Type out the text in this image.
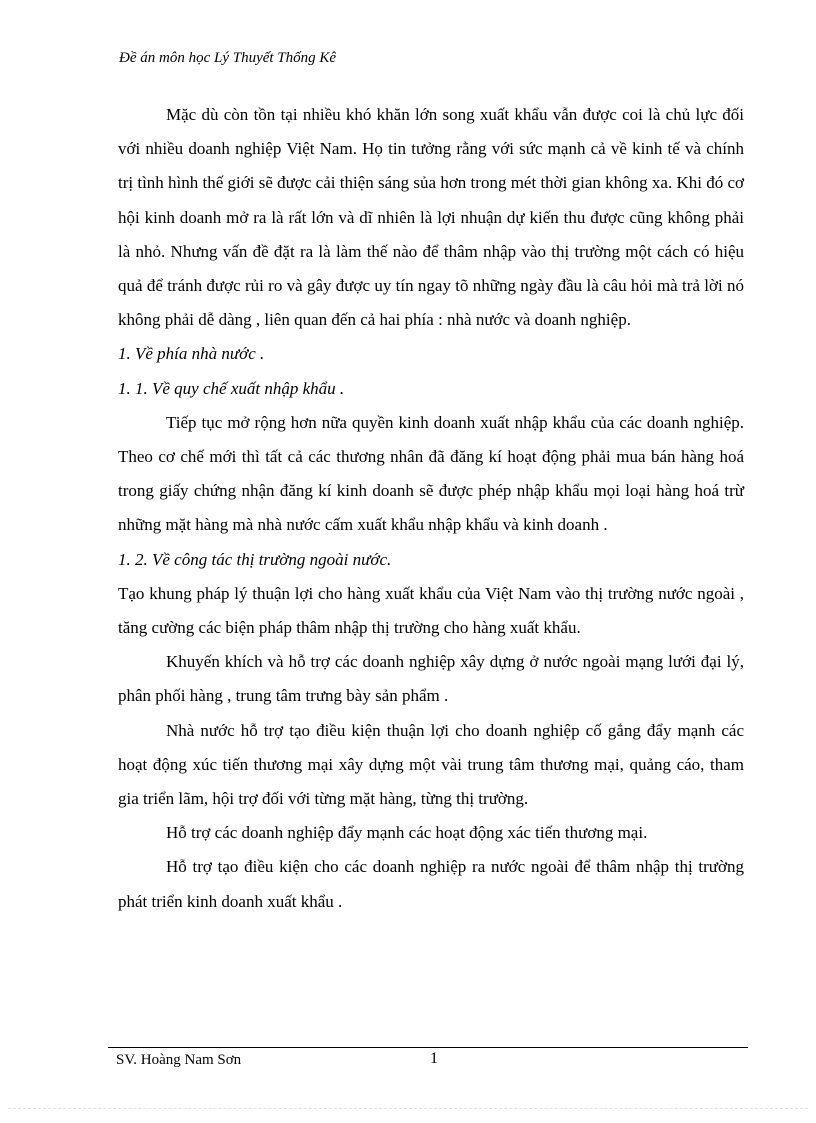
Đề án môn học Lý Thuyết Thống Kê

Mặc dù còn tồn tại nhiều khó khăn lớn song xuất khẩu vẫn được coi là chủ lực đối với nhiều doanh nghiệp Việt Nam. Họ tin tưởng rằng với sức mạnh cả về kinh tế và chính trị tình hình thế giới sẽ được cải thiện sáng sủa hơn trong mét thời gian không xa. Khi đó cơ hội kinh doanh mở ra là rất lớn và dĩ nhiên là lợi nhuận dự kiến thu được cũng không phải là nhỏ. Nhưng vấn đề đặt ra là làm thế nào để thâm nhập vào thị trường một cách có hiệu quả để tránh được rủi ro và gây được uy tín ngay tõ những ngày đầu là câu hỏi mà trả lời nó không phải dễ dàng , liên quan đến cả hai phía : nhà nước và doanh nghiệp.

1. Về phía nhà nước .

1. 1. Về quy chế xuất nhập khẩu .

Tiếp tục mở rộng hơn nữa quyền kinh doanh xuất nhập khẩu của các doanh nghiệp. Theo cơ chế mới thì tất cả các thương nhân đã đăng kí hoạt động phải mua bán hàng hoá trong giấy chứng nhận đăng kí kinh doanh sẽ được phép nhập khẩu mọi loại hàng hoá trừ những mặt hàng mà nhà nước cấm xuất khẩu nhập khẩu và kinh doanh .

1. 2. Về công tác thị trường ngoài nước.

Tạo khung pháp lý thuận lợi cho hàng xuất khẩu của Việt Nam vào thị trường nước ngoài , tăng cường các biện pháp thâm nhập thị trường cho hàng xuất khẩu.

Khuyến khích và hỗ trợ các doanh nghiệp xây dựng ở nước ngoài mạng lưới đại lý, phân phối hàng , trung tâm trưng bày sản phẩm .

Nhà nước hỗ trợ tạo điều kiện thuận lợi cho doanh nghiệp cố gắng đẩy mạnh các hoạt động xúc tiến thương mại xây dựng một vài trung tâm thương mại, quảng cáo, tham gia triển lãm, hội trợ đối với từng mặt hàng, từng thị trường.

Hỗ trợ các doanh nghiệp đẩy mạnh các hoạt động xác tiến thương mại.

Hỗ trợ tạo điều kiện cho các doanh nghiệp ra nước ngoài để thâm nhập thị trường phát triển kinh doanh xuất khẩu .

SV. Hoàng Nam Sơn	1
